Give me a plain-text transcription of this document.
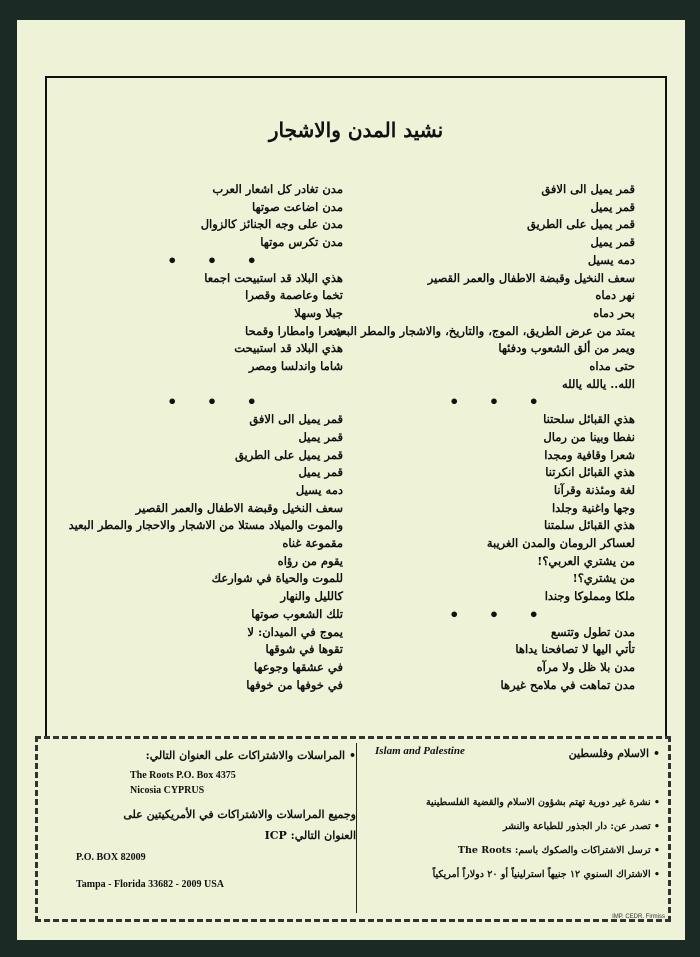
نشيد المدن والاشجار
قمر يميل الى الافق
قمر يميل
قمر يميل على الطريق
قمر يميل
دمه يسيل
سعف النخيل وقبضة الاطفال والعمر القصير
نهر دماه
بحر دماه
يمتد من عرض الطريق، الموج، والتاريخ، والاشجار والمطر البعيد
ويمر من ألق الشعوب ودفئها
حتى مداه
الله.. يالله يالله
• • •
هذي القبائل سلحتنا
نفطا وبينا من رمال
شعرا وقافية ومجدا
هذي القبائل انكرتنا
لغة ومئذنة وقرآنا
وجها واغنية وجلدا
هذي القبائل سلمتنا
لعساكر الرومان والمدن الغريبة
من يشتري العربي؟!
من يشتري؟!
ملكا ومملوكا وجندا
• • •
مدن تطول وتتسع
تأتي اليها لا تصافحنا يداها
مدن بلا ظل ولا مرآه
مدن تماهت في ملامح غيرها
مدن تغادر كل اشعار العرب
مدن اضاعت صوتها
مدن على وجه الجنائز كالزوال
مدن تكرس موتها
• • •
هذي البلاد قد استبيحت اجمعا
تخما وعاصمة وقصرا
جبلا وسهلا
شعرا وامطارا وقمحا
هذي البلاد قد استبيحت
شاما واندلسا ومصر
• • •
قمر يميل الى الافق
قمر يميل
قمر يميل على الطريق
قمر يميل
دمه يسيل
سعف النخيل وقبضة الاطفال والعمر القصير
والموت والميلاد مستلا من الاشجار والاحجار والمطر البعيد
مقموعة غناه
يقوم من رؤاه
للموت والحياة في شوارعك
كالليل والنهار
تلك الشعوب صوتها
يموج في الميدان: لا
تقوها في شوقها
في عشقها وجوعها
في خوفها من خوفها
• المراسلات والاشتراكات على العنوان التالي:
The Roots P.O. Box 4375
Nicosia CYPRUS
وجميع المراسلات والاشتراكات في الأمريكيتين على
العنوان التالي: ICP
P.O. BOX 82009
Tampa - Florida 33682 - 2009 USA
• الاسلام وفلسطين
Islam and Palestine
• نشرة غير دورية تهتم بشؤون الاسلام والقضية الفلسطينية
• تصدر عن: دار الجذور للطباعة والنشر
• ترسل الاشتراكات والصكوك باسم: The Roots
• الاشتراك السنوي ١٢ جنيهاً استرلينياً أو ٢٠ دولاراً أمريكياً
IMP. CEDR. Firmiss
